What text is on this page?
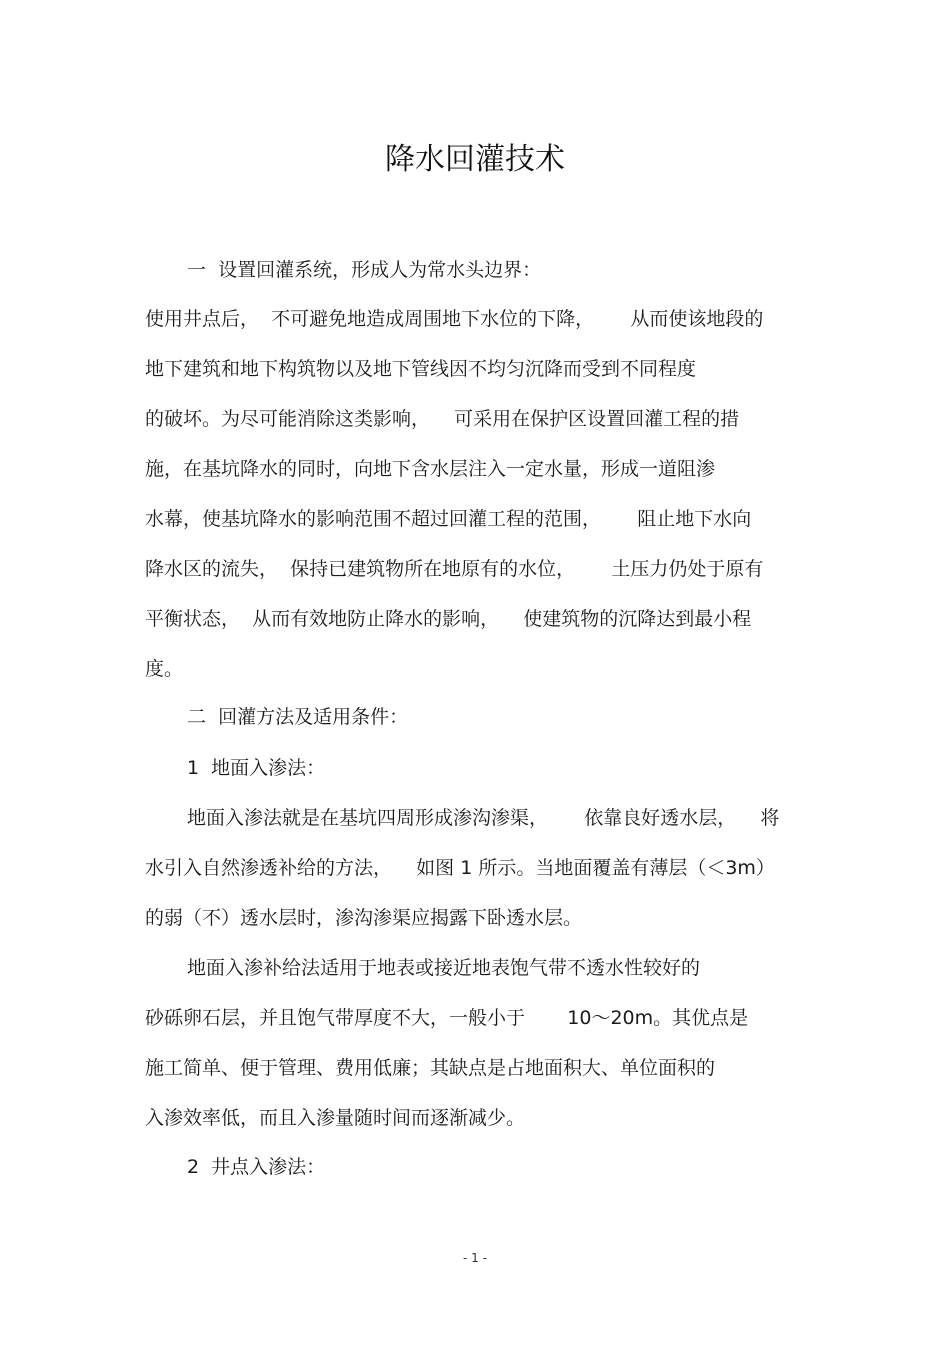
降水回灌技术

一  设置回灌系统，形成人为常水头边界：

使用井点后，  不可避免地造成周围地下水位的下降，      从而使该地段的

地下建筑和地下构筑物以及地下管线因不均匀沉降而受到不同程度

的破坏。为尽可能消除这类影响，    可采用在保护区设置回灌工程的措

施，在基坑降水的同时，向地下含水层注入一定水量，形成一道阻渗

水幕，使基坑降水的影响范围不超过回灌工程的范围，      阻止地下水向

降水区的流失，  保持已建筑物所在地原有的水位，      土压力仍处于原有

平衡状态，  从而有效地防止降水的影响，    使建筑物的沉降达到最小程

度。

二  回灌方法及适用条件：

1  地面入渗法：

地面入渗法就是在基坑四周形成渗沟渗渠，      依靠良好透水层，    将

水引入自然渗透补给的方法，    如图 1 所示。当地面覆盖有薄层（＜3m）

的弱（不）透水层时，渗沟渗渠应揭露下卧透水层。

地面入渗补给法适用于地表或接近地表饱气带不透水性较好的

砂砾卵石层，并且饱气带厚度不大，一般小于       10～20m。其优点是

施工简单、便于管理、费用低廉；其缺点是占地面积大、单位面积的

入渗效率低，而且入渗量随时间而逐渐减少。

2  井点入渗法：

- 1 -
